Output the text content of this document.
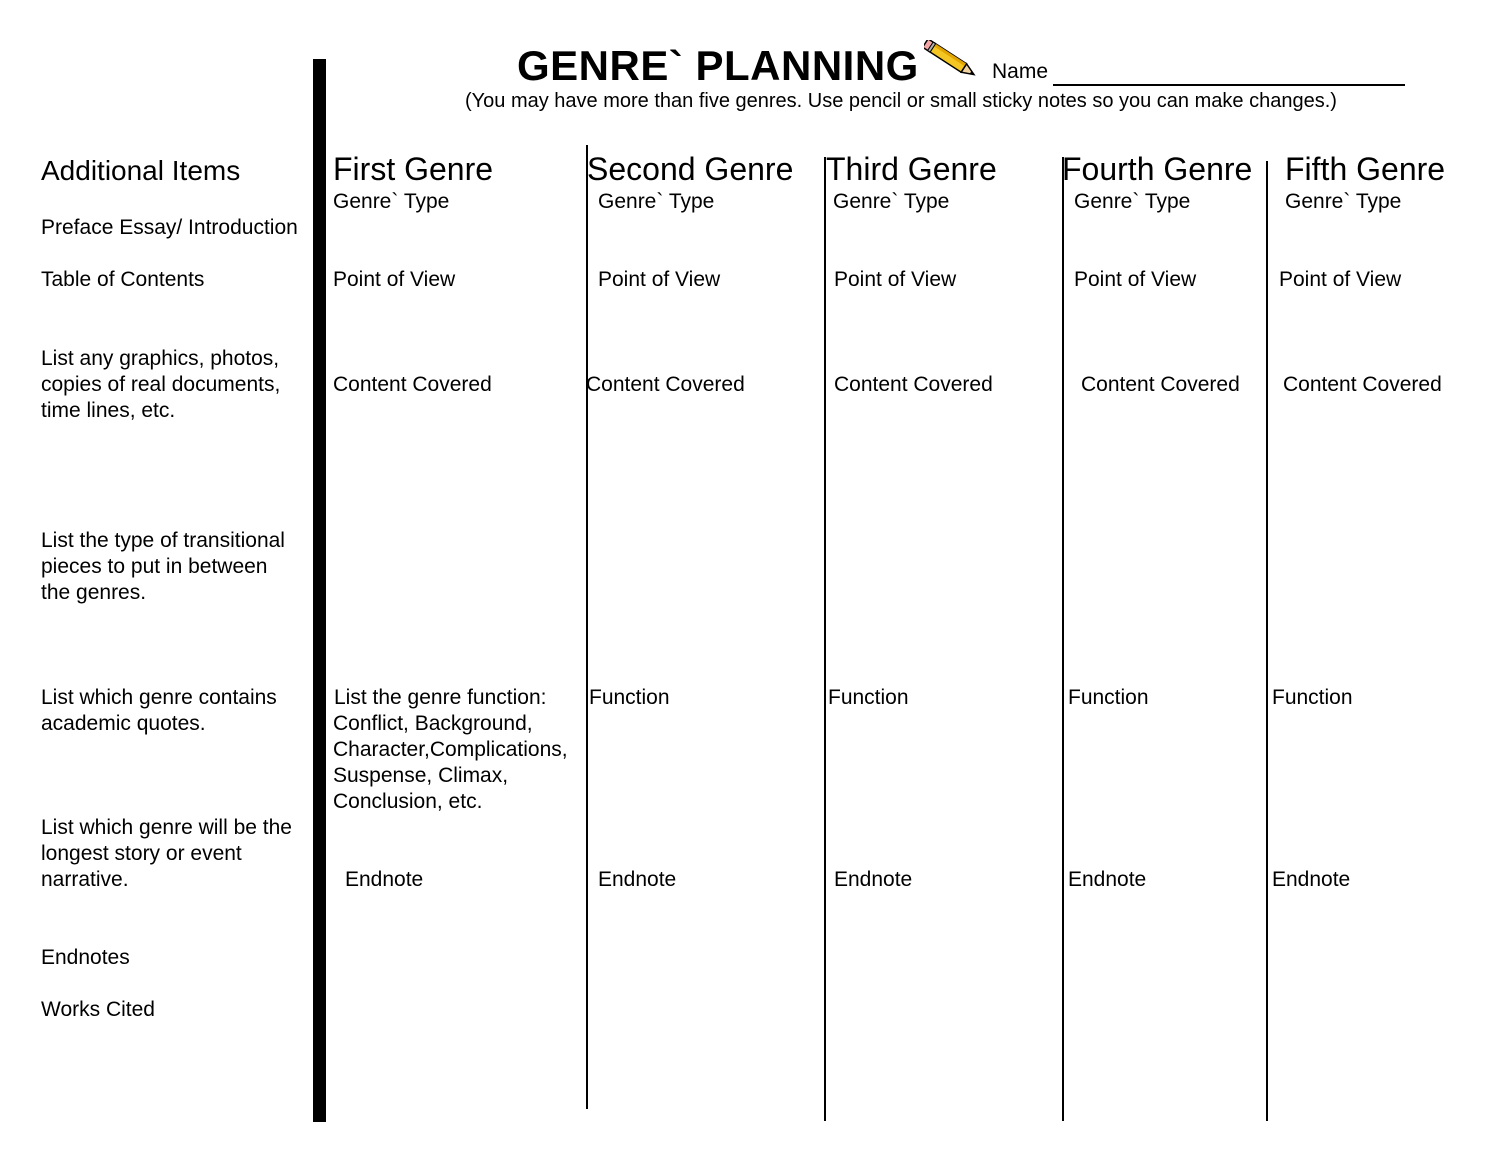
GENRE` PLANNING	Name
(You may have more than five genres. Use pencil or small sticky notes so you can make changes.)
Additional Items
Preface Essay/ Introduction
Table of Contents
List any graphics, photos,
copies of real documents,
time lines, etc.
List the type of transitional
pieces to put in between
the genres.
List which genre contains
academic quotes.
List which genre will be the
longest story or event
narrative.
Endnotes
Works Cited
First Genre
Genre` Type
Point of View
Content Covered
List the genre function:
Conflict, Background,
Character,Complications,
Suspense, Climax,
Conclusion, etc.
Endnote
Second Genre
Genre` Type
Point of View
Content Covered
Function
Endnote
Third Genre
Genre` Type
Point of View
Content Covered
Function
Endnote
Fourth Genre
Genre` Type
Point of View
Content Covered
Function
Endnote
Fifth Genre
Genre` Type
Point of View
Content Covered
Function
Endnote
